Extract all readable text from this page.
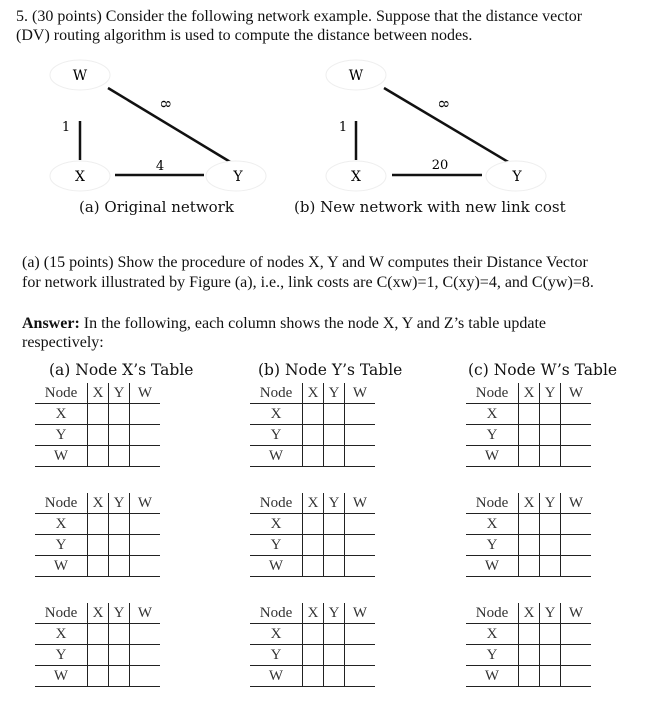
5. (30 points) Consider the following network example. Suppose that the distance vector
(DV) routing algorithm is used to compute the distance between nodes.
W
X	Y
1
8
4
W
X	Y
1
8
20
(a) Original network	(b) New network with new link cost
(a) (15 points) Show the procedure of nodes X, Y and W computes their Distance Vector
for network illustrated by Figure (a), i.e., link costs are C(xw)=1, C(xy)=4, and C(yw)=8.
Answer: In the following, each column shows the node X, Y and Z’s table update
respectively:
(a) Node X’s Table	(b) Node Y’s Table	(c) Node W’s Table
Node	X	Y	W
X			
Y			
W			
Node	X	Y	W
X			
Y			
W			
Node	X	Y	W
X			
Y			
W			
Node	X	Y	W
X			
Y			
W			
Node	X	Y	W
X			
Y			
W			
Node	X	Y	W
X			
Y			
W			
Node	X	Y	W
X			
Y			
W			
Node	X	Y	W
X			
Y			
W			
Node	X	Y	W
X			
Y			
W			
